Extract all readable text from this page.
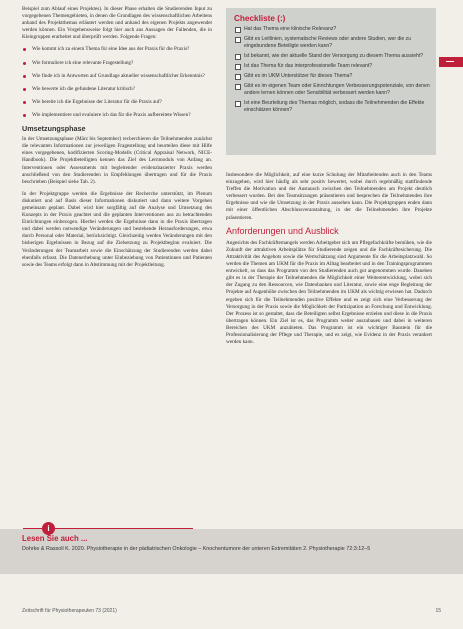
Beispiel zum Ablauf eines Projektes). In dieser Phase erhalten die Studierenden Input zu vorgegebenen Themengebieten, in denen die Grundlagen des wissenschaftlichen Arbeitens anhand des Projektthemas erläutert werden und anhand des eigenen Projekts angewendet werden können. Ein Vorgehensweise folgt hier auch aus Aussagen der Fallenden, die in Kleingruppen erarbeitet und überprüft werden. Folgende Fragen:

Wie kommt ich zu einem Thema für eine Idee aus der Praxis für die Praxis?
Wie formuliere ich eine relevante Fragestellung?
Wie finde ich in Antworten auf Grundlage aktueller wissenschaftlicher Erkenntnis?
Wie bewerte ich die gefundene Literatur kritisch?
Wie bereite ich die Ergebnisse der Literatur für die Praxis auf?
Wie implementiere und evaluiere ich das für die Praxis aufbereitete Wissen?
Umsetzungsphase

In der Umsetzungsphase (März bis September) recherchieren die Teilnehmenden zunächst die relevanten Informationen zur jeweiligen Fragestellung und beurteilen diese mit Hilfe eines vorgegebenen, kodifizierten Scoring-Modells (Critical Appraisal Network, NICE-Handbook). Die Projektbeteiligten kennen das Ziel des Lernmoduls von Anfang an. Interventionen oder Assessments mit begleitender evidenzbasierter Praxis werden anschließend von den Studierenden in Empfehlungen übertragen und für die Praxis beschrieben (Beispiel siehe Tab. 2).

In der Projektgruppe werden die Ergebnisse der Recherche unterstützt, im Plenum diskutiert und auf Basis dieser Informationen diskutiert und dann weitere Vorgehen gemeinsam geplant. Dabei wird hier sorgfältig auf die Analyse und Umsetzung des Konzepts in der Praxis geachtet und die geplanten Interventionen aus zu betrachtenden Einrichtungen einbezogen. Hierbei werden die Ergebnisse dann in die Praxis übertragen und dabei werden notwendige Veränderungen und bestehende Herausforderungen, etwa durch Personal oder Material, berücksichtigt. Gleichzeitig werden Veränderungen mit den bisherigen Ergebnissen in Bezug auf die Zielsetzung zu Projektbeginn evaluiert. Die Veränderungen der Teamarbeit sowie die Einschätzung der Studierenden werden dabei ebenfalls erfasst. Die Datenerhebung unter Einbeziehung von Patientinnen und Patienten sowie des Teams erfolgt dann in Abstimmung mit der Projektleitung.

Checkliste (:)
Hat das Thema eine klinische Relevanz?
Gibt es Leitlinien, systematische Reviews oder andere Studien, wer die zu eingebundene Beteiligte werden kann?
Ist bekannt, wie der aktuelle Stand der Versorgung zu diesem Thema aussieht?
Ist das Thema für das interprofessionelle Team relevant?
Gibt es im UKM Unterstützer für dieses Thema?
Gibt es im eigenen Team oder Einrichtungen Verbesserungspotenziale, von denen andere lernen können oder Sensibilität verbessert werden kann?
Ist eine Beurteilung des Themas möglich, sodass die Teilnehmenden die Effekte einschätzen können?

Insbesondere die Möglichkeit, auf eine kurze Schulung der Mitarbeitenden auch in den Teams einzugehen, wird hier häufig als sehr positiv bewertet, wobei durch regelmäßig stattfindende Treffen die Motivation und der Austausch zwischen den Teilnehmenden am Projekt deutlich verbessert wurden. Bei den Teamsitzungen präsentieren und besprechen die Teilnehmenden ihre Ergebnisse und wie die Umsetzung in der Praxis aussehen kann. Die Projektgruppen enden dann mit einer öffentlichen Abschlussveranstaltung, in der die Teilnehmenden ihre Projekte präsentieren.

Anforderungen und Ausblick

Angesichts des Fachkräftemangels werden Arbeitgeber sich um Pflegefachkräfte bemühen, wie die Zukunft der attraktiven Arbeitsplätze für Studierende zeigen und die Fachkräftesicherung. Die Attraktivität des Angebots sowie die Wertschätzung sind Argumente für die Arbeitsplatzwahl. So werden die Themen am UKM für die Praxis im Alltag bearbeitet und in den Trainingsprogrammen entwickelt, so dass das Programm von den Studierenden auch gut angenommen wurde. Daneben gibt es in der Therapie der Teilnehmenden die Möglichkeit einer Weiterentwicklung, wobei sich der Zugang zu den Ressourcen, wie Datenbanken und Literatur, sowie eine enge Begleitung der Projekte auf Augenhöhe zwischen den Teilnehmenden im UKM als wichtig erwiesen hat. Dadurch ergeben sich für die Teilnehmenden positive Effekte und es zeigt sich eine Verbesserung der Versorgung in der Praxis sowie die Möglichkeit der Partizipation an Forschung und Entwicklung. Der Prozess ist so gestaltet, dass die Beteiligten selbst Ergebnisse erzielen und diese in die Praxis übertragen können. Ein Ziel ist es, das Programm weiter auszubauen und dabei in weiteren Bereichen des UKM anzubieten. Das Programm ist ein wichtiger Baustein für die Professionalisierung der Pflege und Therapie, und es zeigt, wie Evidenz in der Praxis verankert werden kann.

i
Lesen Sie auch ...
Dohrke & Rassoll K. 2020. Physiotherapie in der pädiatrischen Onkologie – Knochentumore der unteren Extremitäten 2. Physiotherapie 72:3:12–5
Zeitschrift für Physiotherapeuten 73 (2021)	15
